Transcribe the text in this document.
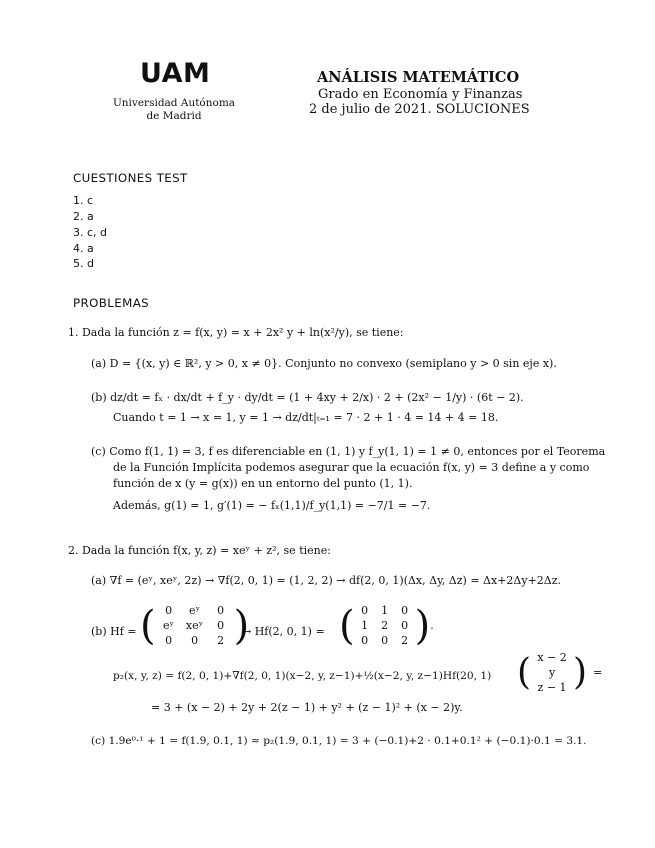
UAM
Universidad Autónoma
de Madrid
ANÁLISIS MATEMÁTICO
Grado en Economía y Finanzas
2 de julio de 2021. SOLUCIONES
CUESTIONES TEST
1. c
2. a
3. c, d
4. a
5. d
PROBLEMAS
1. Dada la función z = f(x, y) = x + 2x² y + ln(x²/y), se tiene:
(a) D = {(x, y) ∈ ℝ², y > 0, x ≠ 0}. Conjunto no convexo (semiplano y > 0 sin eje x).
(b) dz/dt = fₓ · dx/dt + f_y · dy/dt = (1 + 4xy + 2/x) · 2 + (2x² − 1/y) · (6t − 2).
Cuando t = 1 → x = 1, y = 1 → dz/dt|ₜ₌₁ = 7 · 2 + 1 · 4 = 14 + 4 = 18.
(c) Como f(1, 1) = 3, f es diferenciable en (1, 1) y f_y(1, 1) = 1 ≠ 0, entonces por el Teorema
de la Función Implícita podemos asegurar que la ecuación f(x, y) = 3 define a y como
función de x (y = g(x)) en un entorno del punto (1, 1).
Además, g(1) = 1, g′(1) = − fₓ(1,1)/f_y(1,1) = −7/1 = −7.
2. Dada la función f(x, y, z) = xeʸ + z², se tiene:
(a) ∇f = (eʸ, xeʸ, 2z) → ∇f(2, 0, 1) = (1, 2, 2) → df(2, 0, 1)(Δx, Δy, Δz) = Δx+2Δy+2Δz.
(b) Hf = ( 0	eʸ	0
eʸ	xeʸ	0
0	0	2 )
→ Hf(2, 0, 1) = ( 0	1	0
1	2	0
0	0	2 ) .
p₂(x, y, z) = f(2, 0, 1)+∇f(2, 0, 1)(x−2, y, z−1)+½(x−2, y, z−1)Hf(20, 1) ( x − 2
y
z − 1 ) =
= 3 + (x − 2) + 2y + 2(z − 1) + y² + (z − 1)² + (x − 2)y.
(c) 1.9e⁰·¹ + 1 = f(1.9, 0.1, 1) ≈ p₂(1.9, 0.1, 1) = 3 + (−0.1)+2 · 0.1+0.1² + (−0.1)·0.1 = 3.1.
